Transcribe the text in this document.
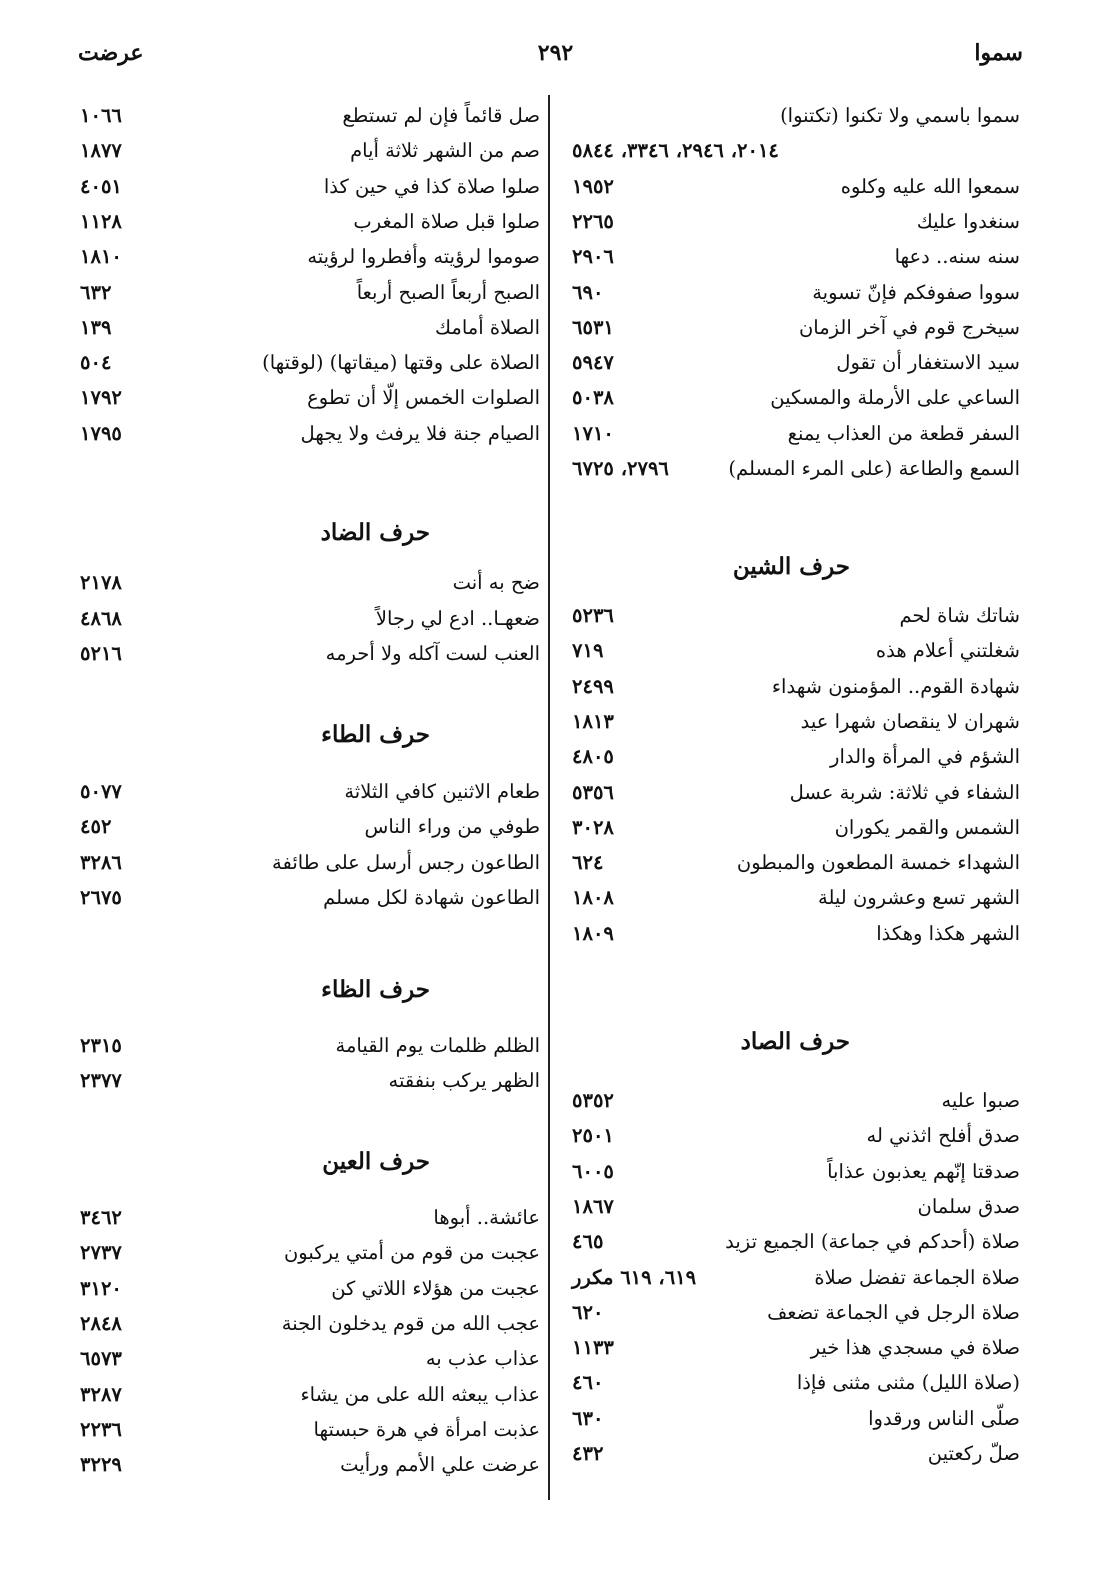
سموا
٢٩٢
عرضت
سموا باسمي ولا تكنوا (تكتنوا)
٢٠١٤، ٢٩٤٦، ٣٣٤٦، ٥٨٤٤
سمعوا الله عليه وكلوه
١٩٥٢
سنغدوا عليك
٢٢٦٥
سنه سنه.. دعها
٢٩٠٦
سووا صفوفكم فإنّ تسوية
٦٩٠
سيخرج قوم في آخر الزمان
٦٥٣١
سيد الاستغفار أن تقول
٥٩٤٧
الساعي على الأرملة والمسكين
٥٠٣٨
السفر قطعة من العذاب يمنع
١٧١٠
السمع والطاعة (على المرء المسلم)
٢٧٩٦، ٦٧٢٥
حرف الشين
شاتك شاة لحم
٥٢٣٦
شغلتني أعلام هذه
٧١٩
شهادة القوم.. المؤمنون شهداء
٢٤٩٩
شهران لا ينقصان شهرا عيد
١٨١٣
الشؤم في المرأة والدار
٤٨٠٥
الشفاء في ثلاثة: شربة عسل
٥٣٥٦
الشمس والقمر يكوران
٣٠٢٨
الشهداء خمسة المطعون والمبطون
٦٢٤
الشهر تسع وعشرون ليلة
١٨٠٨
الشهر هكذا وهكذا
١٨٠٩
حرف الصاد
صبوا عليه
٥٣٥٢
صدق أفلح اثذني له
٢٥٠١
صدقتا إنّهم يعذبون عذاباً
٦٠٠٥
صدق سلمان
١٨٦٧
صلاة (أحدكم في جماعة) الجميع تزيد
٤٦٥
صلاة الجماعة تفضل صلاة
٦١٩، ٦١٩ مكرر
صلاة الرجل في الجماعة تضعف
٦٢٠
صلاة في مسجدي هذا خير
١١٣٣
(صلاة الليل) مثنى مثنى فإذا
٤٦٠
صلّى الناس ورقدوا
٦٣٠
صلّ ركعتين
٤٣٢
صل قائماً فإن لم تستطع
١٠٦٦
صم من الشهر ثلاثة أيام
١٨٧٧
صلوا صلاة كذا في حين كذا
٤٠٥١
صلوا قبل صلاة المغرب
١١٢٨
صوموا لرؤيته وأفطروا لرؤيته
١٨١٠
الصبح أربعاً الصبح أربعاً
٦٣٢
الصلاة أمامك
١٣٩
الصلاة على وقتها (ميقاتها) (لوقتها)
٥٠٤
الصلوات الخمس إلّا أن تطوع
١٧٩٢
الصيام جنة فلا يرفث ولا يجهل
١٧٩٥
حرف الضاد
ضح به أنت
٢١٧٨
ضعهـا.. ادع لي رجالاً
٤٨٦٨
العنب لست آكله ولا أحرمه
٥٢١٦
حرف الطاء
طعام الاثنين كافي الثلاثة
٥٠٧٧
طوفي من وراء الناس
٤٥٢
الطاعون رجس أرسل على طائفة
٣٢٨٦
الطاعون شهادة لكل مسلم
٢٦٧٥
حرف الظاء
الظلم ظلمات يوم القيامة
٢٣١٥
الظهر يركب بنفقته
٢٣٧٧
حرف العين
عائشة.. أبوها
٣٤٦٢
عجبت من قوم من أمتي يركبون
٢٧٣٧
عجبت من هؤلاء اللاتي كن
٣١٢٠
عجب الله من قوم يدخلون الجنة
٢٨٤٨
عذاب عذب به
٦٥٧٣
عذاب يبعثه الله على من يشاء
٣٢٨٧
عذبت امرأة في هرة حبستها
٢٢٣٦
عرضت علي الأمم ورأيت
٣٢٢٩
